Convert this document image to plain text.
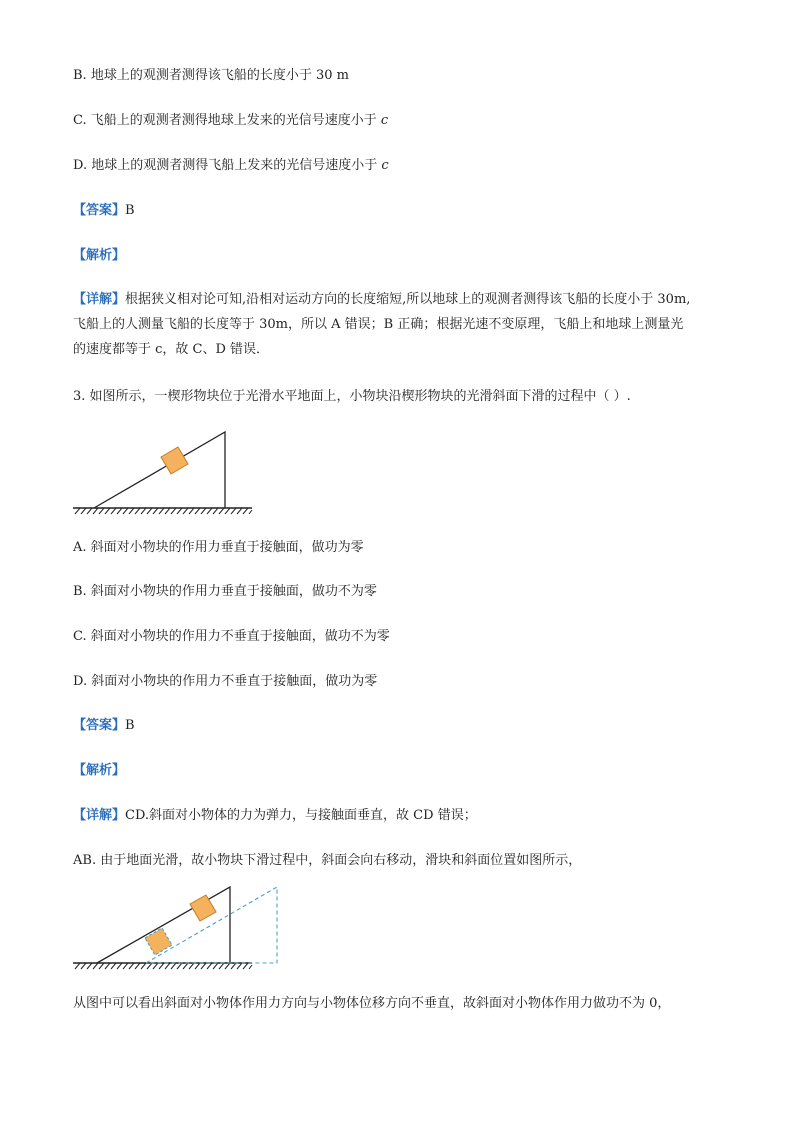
B. 地球上的观测者测得该飞船的长度小于 30 m
C. 飞船上的观测者测得地球上发来的光信号速度小于 c
D. 地球上的观测者测得飞船上发来的光信号速度小于 c
【答案】B
【解析】
【详解】根据狭义相对论可知,沿相对运动方向的长度缩短,所以地球上的观测者测得该飞船的长度小于 30m,
飞船上的人测量飞船的长度等于 30m，所以 A 错误；B 正确；根据光速不变原理，飞船上和地球上测量光
的速度都等于 c，故 C、D 错误．
3. 如图所示，一楔形物块位于光滑水平地面上，小物块沿楔形物块的光滑斜面下滑的过程中（ ）.
A. 斜面对小物块的作用力垂直于接触面，做功为零
B. 斜面对小物块的作用力垂直于接触面，做功不为零
C. 斜面对小物块的作用力不垂直于接触面，做功不为零
D. 斜面对小物块的作用力不垂直于接触面，做功为零
【答案】B
【解析】
【详解】CD.斜面对小物体的力为弹力，与接触面垂直，故 CD 错误；
AB. 由于地面光滑，故小物块下滑过程中，斜面会向右移动，滑块和斜面位置如图所示，
从图中可以看出斜面对小物体作用力方向与小物体位移方向不垂直，故斜面对小物体作用力做功不为 0，
